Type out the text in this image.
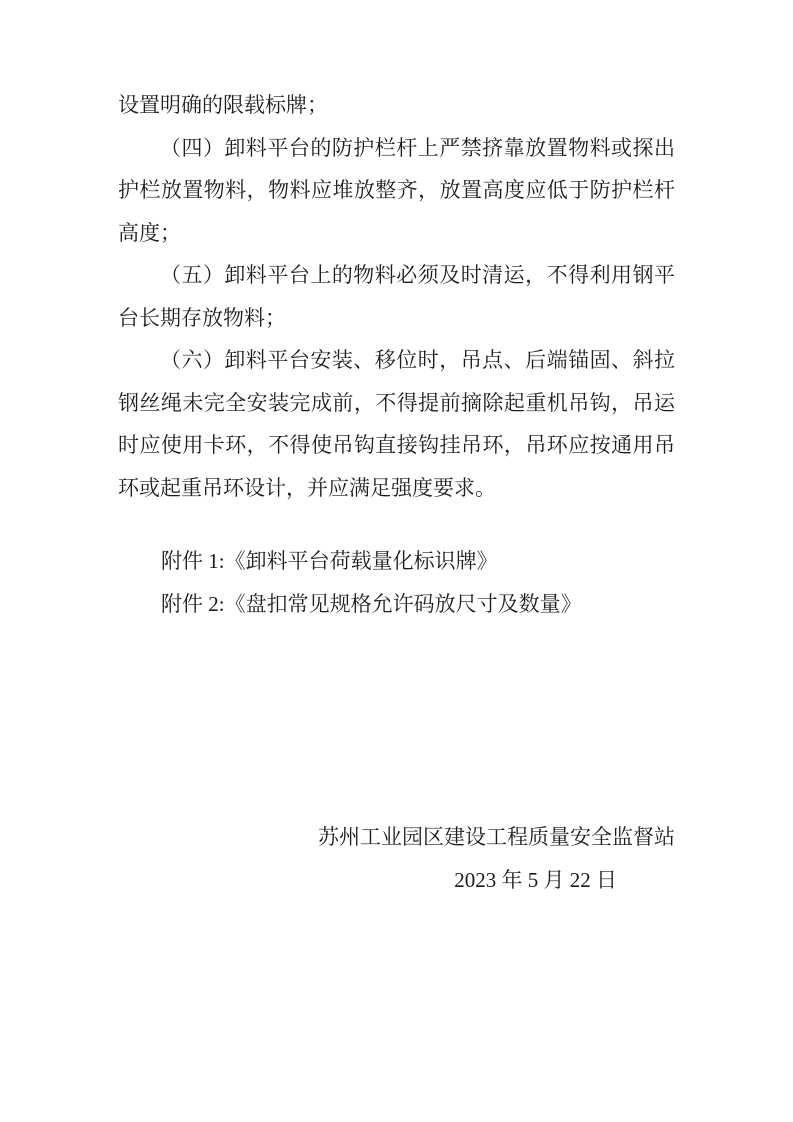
设置明确的限载标牌；
（四）卸料平台的防护栏杆上严禁挤靠放置物料或探出
护栏放置物料，物料应堆放整齐，放置高度应低于防护栏杆
高度；
（五）卸料平台上的物料必须及时清运，不得利用钢平
台长期存放物料；
（六）卸料平台安装、移位时，吊点、后端锚固、斜拉
钢丝绳未完全安装完成前，不得提前摘除起重机吊钩，吊运
时应使用卡环，不得使吊钩直接钩挂吊环，吊环应按通用吊
环或起重吊环设计，并应满足强度要求。
附件 1:《卸料平台荷载量化标识牌》
附件 2:《盘扣常见规格允许码放尺寸及数量》
苏州工业园区建设工程质量安全监督站
2023 年 5 月 22 日
